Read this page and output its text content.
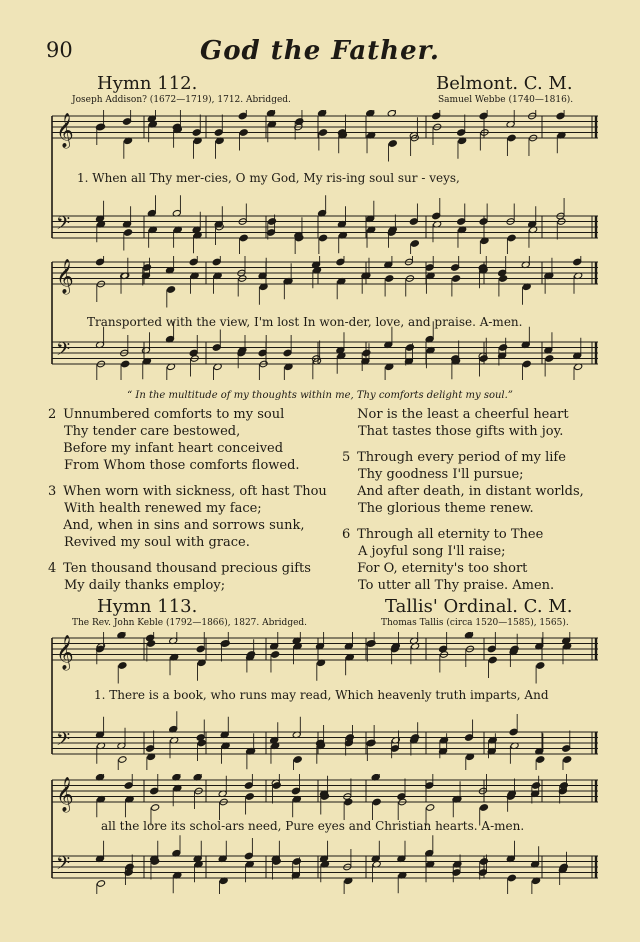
90	God the Father.
Hymn 112.	Belmont. C. M.
Joseph Addison? (1672—1719), 1712. Abridged.	Samuel Webbe (1740—1816).
𝄞
𝄢
1. When all Thy mer-cies, O my God, My ris-ing soul sur - veys,
𝄞
𝄢
Transported with the view, I'm lost In won-der, love, and praise. A-men.
“ In the multitude of my thoughts within me, Thy comforts delight my soul.”
2 Unnumbered comforts to my soul
Thy tender care bestowed,
Before my infant heart conceived
From Whom those comforts flowed.
3 When worn with sickness, oft hast Thou
With health renewed my face;
And, when in sins and sorrows sunk,
Revived my soul with grace.
4 Ten thousand thousand precious gifts
My daily thanks employ;
Nor is the least a cheerful heart
That tastes those gifts with joy.
5 Through every period of my life
Thy goodness I'll pursue;
And after death, in distant worlds,
The glorious theme renew.
6 Through all eternity to Thee
A joyful song I'll raise;
For O, eternity's too short
To utter all Thy praise. Amen.
Hymn 113.	Tallis' Ordinal. C. M.
The Rev. John Keble (1792—1866), 1827. Abridged.	Thomas Tallis (circa 1520—1585), 1565).
𝄞
𝄢
1. There is a book, who runs may read, Which heavenly truth imparts, And
𝄞
𝄢
all the lore its schol-ars need, Pure eyes and Christian hearts. A-men.
